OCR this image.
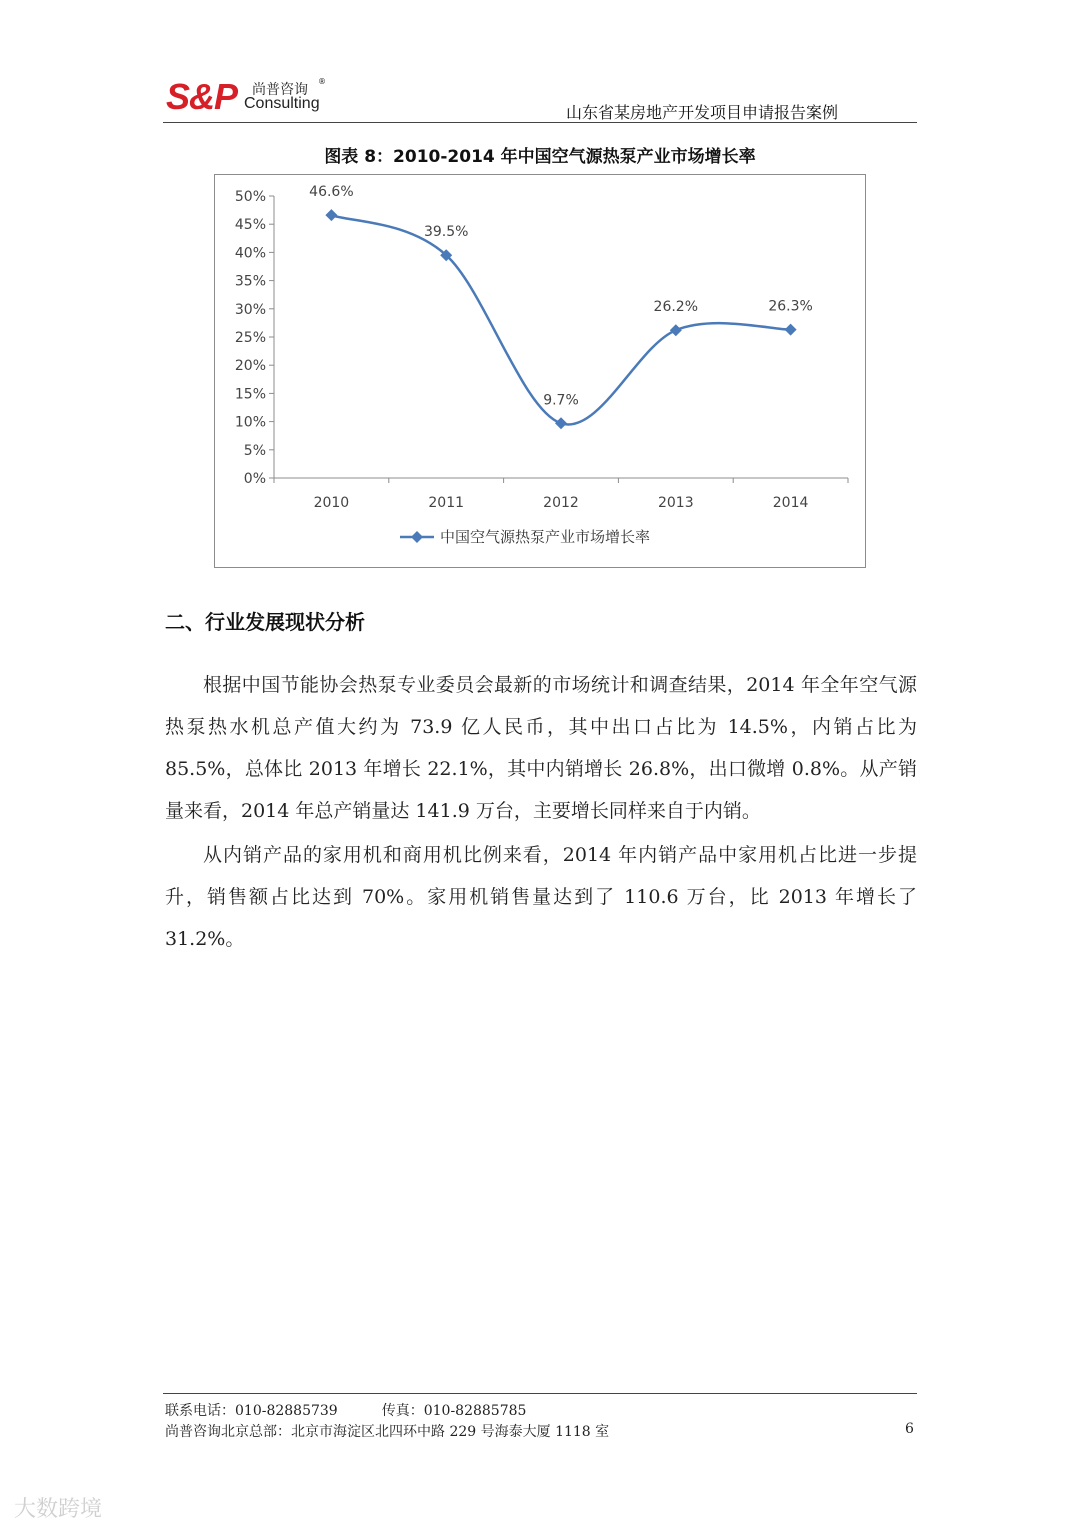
S&P 尚普咨询
®
Consulting	山东省某房地产开发项目申请报告案例
图表 8：2010-2014 年中国空气源热泵产业市场增长率
0%
5%
10%
15%
20%
25%
30%
35%
40%
45%
50%
2010	2011	2012	2013	2014
46.6%
39.5%
9.7%
26.2%	26.3%
中国空气源热泵产业市场增长率
二、行业发展现状分析
根据中国节能协会热泵专业委员会最新的市场统计和调查结果，2014 年全年空气源热泵热水机总产值大约为 73.9 亿人民币，其中出口占比为 14.5%，内销占比为 85.5%，总体比 2013 年增长 22.1%，其中内销增长 26.8%，出口微增 0.8%。从产销量来看，2014 年总产销量达 141.9 万台，主要增长同样来自于内销。
从内销产品的家用机和商用机比例来看，2014 年内销产品中家用机占比进一步提升，销售额占比达到 70%。家用机销售量达到了 110.6 万台，比 2013 年增长了 31.2%。
联系电话：010-82885739	传真：010-82885785
尚普咨询北京总部：北京市海淀区北四环中路 229 号海泰大厦 1118 室	6
大数跨境
